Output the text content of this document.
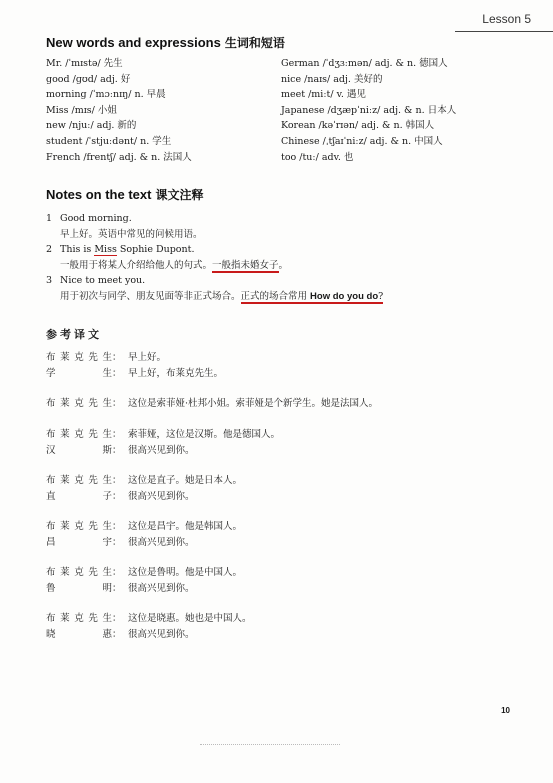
Lesson 5
New words and expressions 生词和短语
Mr. /ˈmɪstə/ 先生
good /ɡʊd/ adj. 好
morning /ˈmɔːnɪŋ/ n. 早晨
Miss /mɪs/ 小姐
new /njuː/ adj. 新的
student /ˈstjuːdənt/ n. 学生
French /frentʃ/ adj. & n. 法国人
German /ˈdʒɜːmən/ adj. & n. 德国人
nice /naɪs/ adj. 美好的
meet /miːt/ v. 遇见
Japanese /dʒæpˈniːz/ adj. & n. 日本人
Korean /kəˈrɪən/ adj. & n. 韩国人
Chinese /ˌtʃaɪˈniːz/ adj. & n. 中国人
too /tuː/ adv. 也
Notes on the text 课文注释
1 Good morning.
早上好。英语中常见的问候用语。
2 This is Miss Sophie Dupont.
一般用于将某人介绍给他人的句式。一般指未婚女子。
3 Nice to meet you.
用于初次与同学、朋友见面等非正式场合。正式的场合常用 How do you do?
参考译文
布 莱 克 先 生 ： 早上好。
学	生 ： 早上好，布莱克先生。
布 莱 克 先 生 ： 这位是索菲娅·杜邦小姐。索菲娅是个新学生。她是法国人。
布 莱 克 先 生 ： 索菲娅，这位是汉斯。他是德国人。
汉	斯 ： 很高兴见到你。
布 莱 克 先 生 ： 这位是直子。她是日本人。
直	子 ： 很高兴见到你。
布 莱 克 先 生 ： 这位是昌宇。他是韩国人。
昌	宇 ： 很高兴见到你。
布 莱 克 先 生 ： 这位是鲁明。他是中国人。
鲁	明 ： 很高兴见到你。
布 莱 克 先 生 ： 这位是晓惠。她也是中国人。
晓	惠 ： 很高兴见到你。
10
